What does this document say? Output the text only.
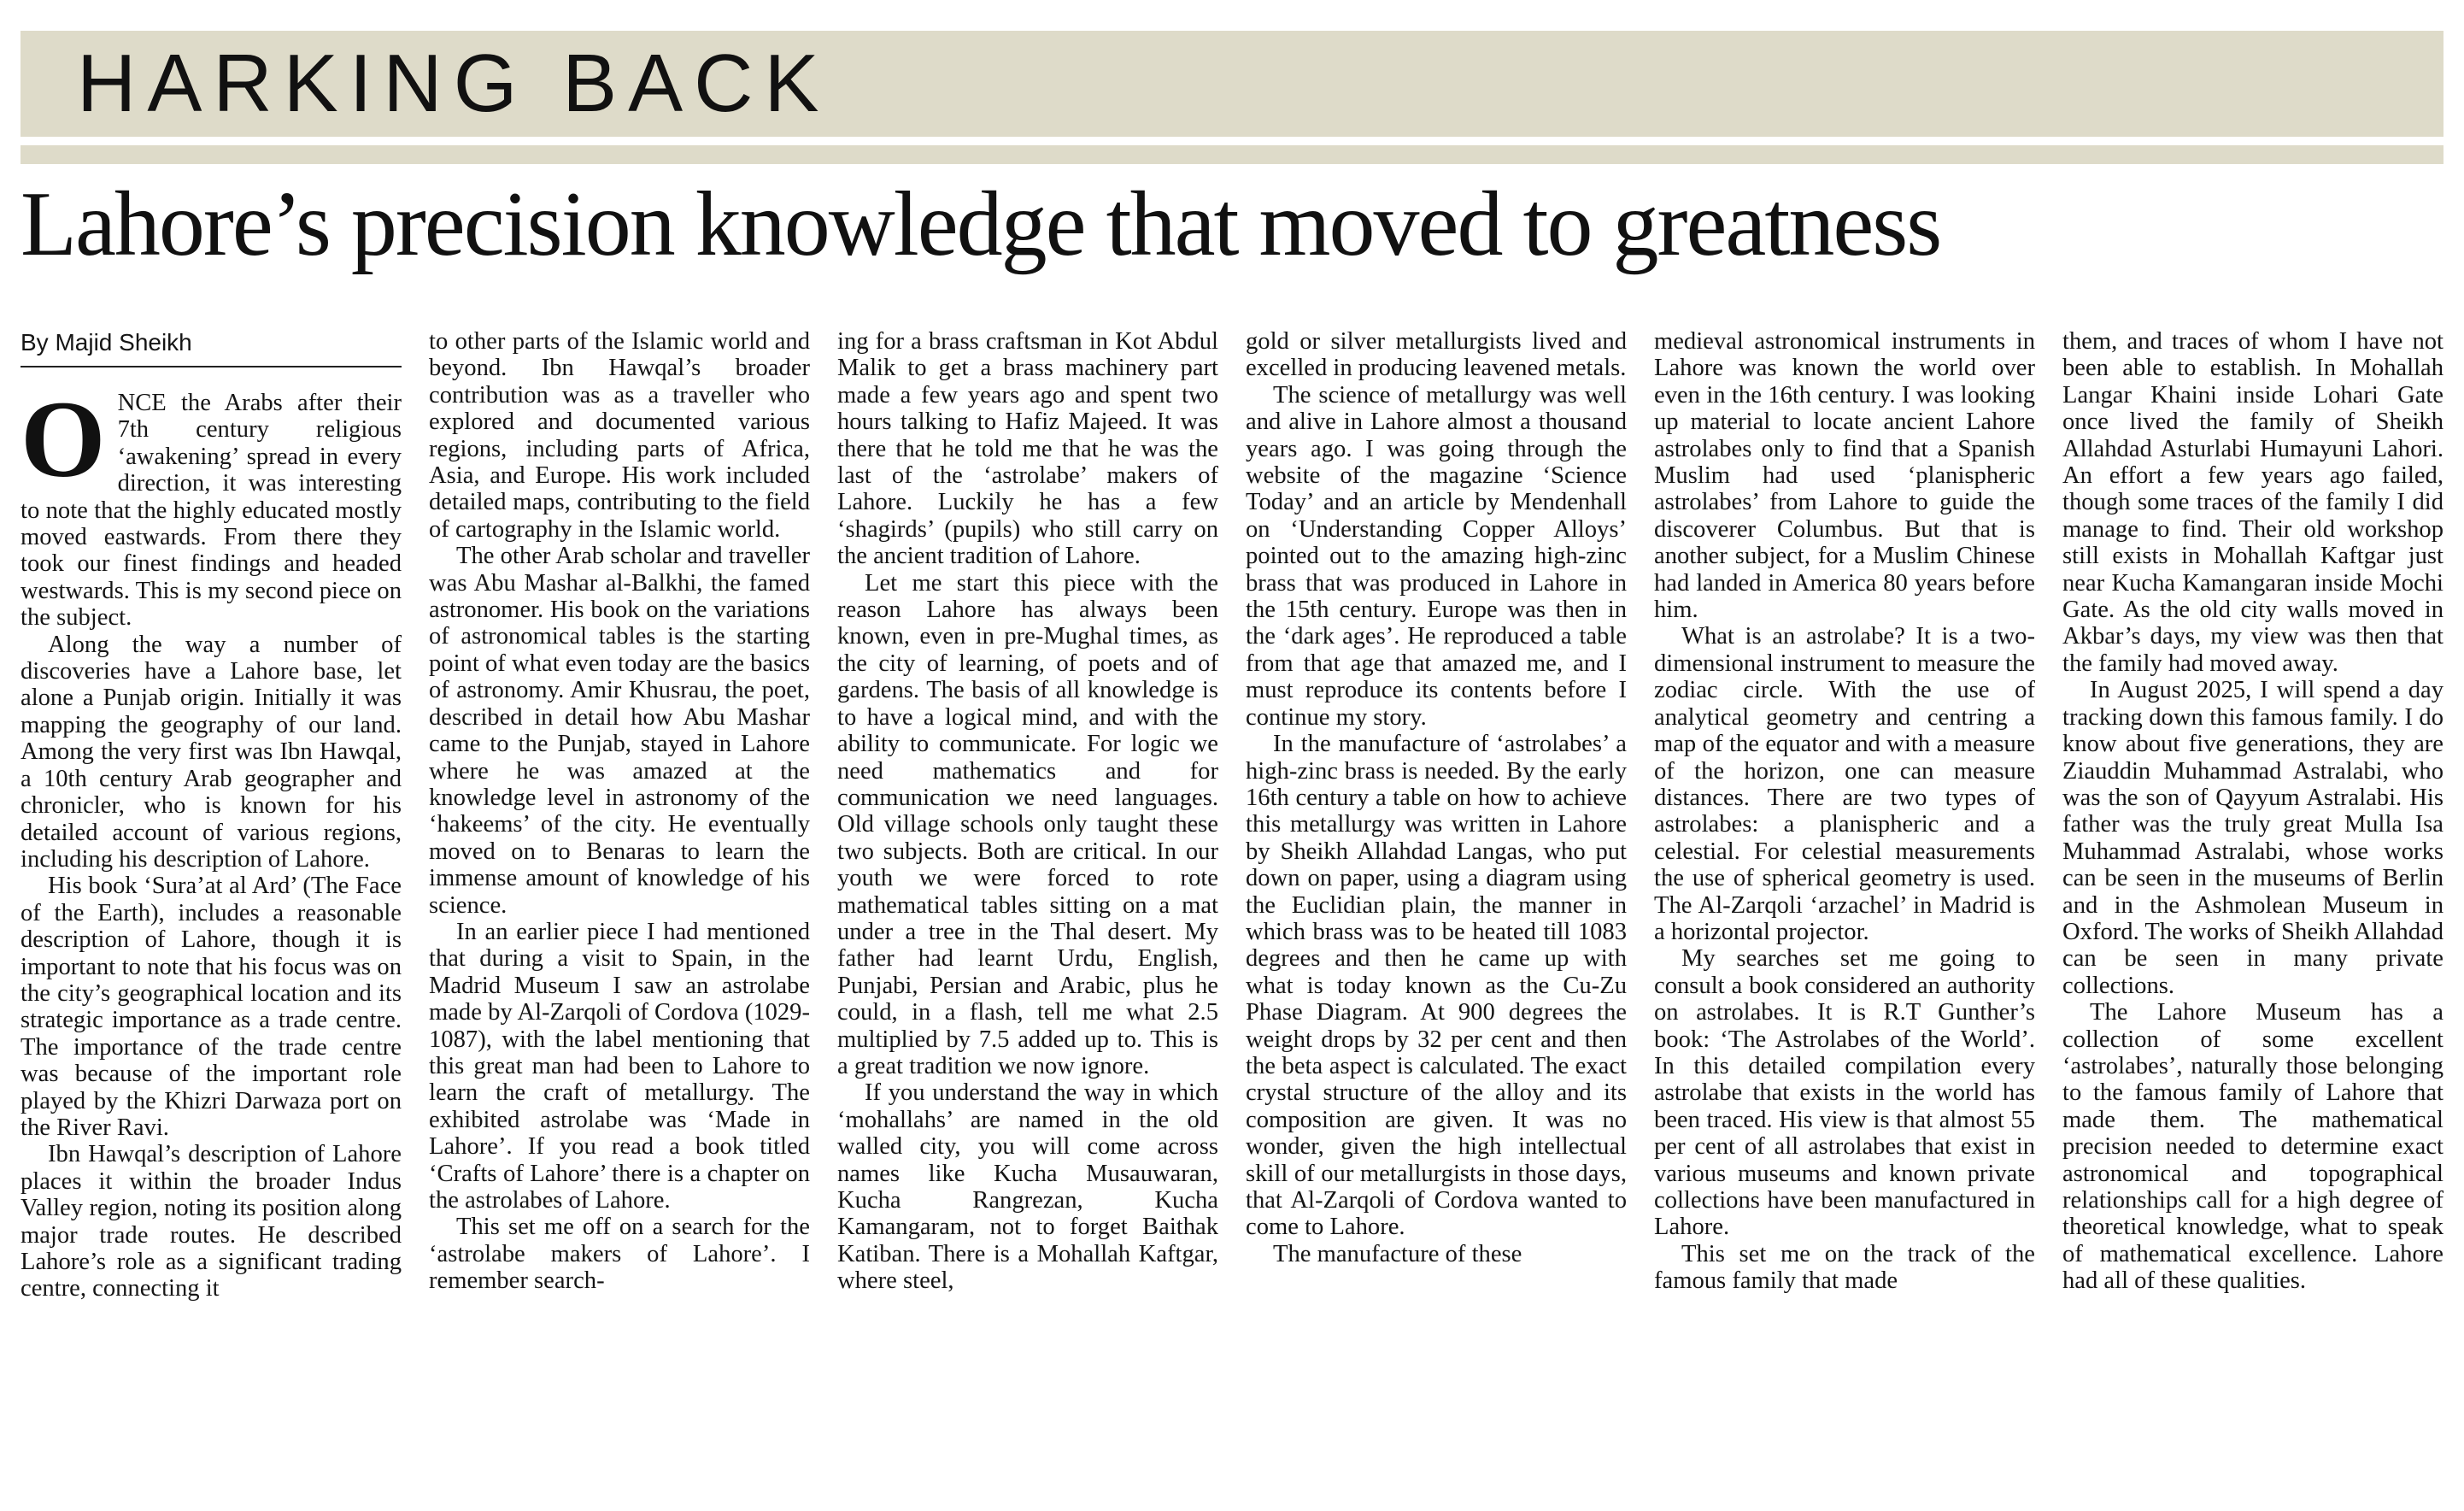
HARKING BACK
Lahore’s precision knowledge that moved to greatness
By Majid Sheikh
O NCE the Arabs after their 7th century religious ‘awakening’ spread in every direction, it was interesting to note that the highly educated mostly moved eastwards. From there they took our finest findings and headed westwards. This is my second piece on the subject.

Along the way a number of discoveries have a Lahore base, let alone a Punjab origin. Initially it was mapping the geography of our land. Among the very first was Ibn Hawqal, a 10th century Arab geographer and chronicler, who is known for his detailed account of various regions, including his description of Lahore.

His book ‘Sura’at al Ard’ (The Face of the Earth), includes a reasonable description of Lahore, though it is important to note that his focus was on the city’s geographical location and its strategic importance as a trade centre. The importance of the trade centre was because of the important role played by the Khizri Darwaza port on the River Ravi.

Ibn Hawqal’s description of Lahore places it within the broader Indus Valley region, noting its position along major trade routes. He described Lahore’s role as a significant trading centre, connecting it

to other parts of the Islamic world and beyond. Ibn Hawqal’s broader contribution was as a traveller who explored and documented various regions, including parts of Africa, Asia, and Europe. His work included detailed maps, contributing to the field of cartography in the Islamic world.

The other Arab scholar and traveller was Abu Mashar al-Balkhi, the famed astronomer. His book on the variations of astronomical tables is the starting point of what even today are the basics of astronomy. Amir Khusrau, the poet, described in detail how Abu Mashar came to the Punjab, stayed in Lahore where he was amazed at the knowledge level in astronomy of the ‘hakeems’ of the city. He eventually moved on to Benaras to learn the immense amount of knowledge of his science.

In an earlier piece I had mentioned that during a visit to Spain, in the Madrid Museum I saw an astrolabe made by Al-Zarqoli of Cordova (1029-1087), with the label mentioning that this great man had been to Lahore to learn the craft of metallurgy. The exhibited astrolabe was ‘Made in Lahore’. If you read a book titled ‘Crafts of Lahore’ there is a chapter on the astrolabes of Lahore.

This set me off on a search for the ‘astrolabe makers of Lahore’. I remember search-

ing for a brass craftsman in Kot Abdul Malik to get a brass machinery part made a few years ago and spent two hours talking to Hafiz Majeed. It was there that he told me that he was the last of the ‘astrolabe’ makers of Lahore. Luckily he has a few ‘shagirds’ (pupils) who still carry on the ancient tradition of Lahore.

Let me start this piece with the reason Lahore has always been known, even in pre-Mughal times, as the city of learning, of poets and of gardens. The basis of all knowledge is to have a logical mind, and with the ability to communicate. For logic we need mathematics and for communication we need languages. Old village schools only taught these two subjects. Both are critical. In our youth we were forced to rote mathematical tables sitting on a mat under a tree in the Thal desert. My father had learnt Urdu, English, Punjabi, Persian and Arabic, plus he could, in a flash, tell me what 2.5 multiplied by 7.5 added up to. This is a great tradition we now ignore.

If you understand the way in which ‘mohallahs’ are named in the old walled city, you will come across names like Kucha Musauwaran, Kucha Rangrezan, Kucha Kamangaram, not to forget Baithak Katiban. There is a Mohallah Kaftgar, where steel,

gold or silver metallurgists lived and excelled in producing leavened metals.

The science of metallurgy was well and alive in Lahore almost a thousand years ago. I was going through the website of the magazine ‘Science Today’ and an article by Mendenhall on ‘Understanding Copper Alloys’ pointed out to the amazing high-zinc brass that was produced in Lahore in the 15th century. Europe was then in the ‘dark ages’. He reproduced a table from that age that amazed me, and I must reproduce its contents before I continue my story.

In the manufacture of ‘astrolabes’ a high-zinc brass is needed. By the early 16th century a table on how to achieve this metallurgy was written in Lahore by Sheikh Allahdad Langas, who put down on paper, using a diagram using the Euclidian plain, the manner in which brass was to be heated till 1083 degrees and then he came up with what is today known as the Cu-Zu Phase Diagram. At 900 degrees the weight drops by 32 per cent and then the beta aspect is calculated. The exact crystal structure of the alloy and its composition are given. It was no wonder, given the high intellectual skill of our metallurgists in those days, that Al-Zarqoli of Cordova wanted to come to Lahore.

The manufacture of these

medieval astronomical instruments in Lahore was known the world over even in the 16th century. I was looking up material to locate ancient Lahore astrolabes only to find that a Spanish Muslim had used ‘planispheric astrolabes’ from Lahore to guide the discoverer Columbus. But that is another subject, for a Muslim Chinese had landed in America 80 years before him.

What is an astrolabe? It is a two-dimensional instrument to measure the zodiac circle. With the use of analytical geometry and centring a map of the equator and with a measure of the horizon, one can measure distances. There are two types of astrolabes: a planispheric and a celestial. For celestial measurements the use of spherical geometry is used. The Al-Zarqoli ‘arzachel’ in Madrid is a horizontal projector.

My searches set me going to consult a book considered an authority on astrolabes. It is R.T Gunther’s book: ‘The Astrolabes of the World’. In this detailed compilation every astrolabe that exists in the world has been traced. His view is that almost 55 per cent of all astrolabes that exist in various museums and known private collections have been manufactured in Lahore.

This set me on the track of the famous family that made

them, and traces of whom I have not been able to establish. In Mohallah Langar Khaini inside Lohari Gate once lived the family of Sheikh Allahdad Asturlabi Humayuni Lahori. An effort a few years ago failed, though some traces of the family I did manage to find. Their old workshop still exists in Mohallah Kaftgar just near Kucha Kamangaran inside Mochi Gate. As the old city walls moved in Akbar’s days, my view was then that the family had moved away.

In August 2025, I will spend a day tracking down this famous family. I do know about five generations, they are Ziauddin Muhammad Astralabi, who was the son of Qayyum Astralabi. His father was the truly great Mulla Isa Muhammad Astralabi, whose works can be seen in the museums of Berlin and in the Ashmolean Museum in Oxford. The works of Sheikh Allahdad can be seen in many private collections.

The Lahore Museum has a collection of some excellent ‘astrolabes’, naturally those belonging to the famous family of Lahore that made them. The mathematical precision needed to determine exact astronomical and topographical relationships call for a high degree of theoretical knowledge, what to speak of mathematical excellence. Lahore had all of these qualities.
